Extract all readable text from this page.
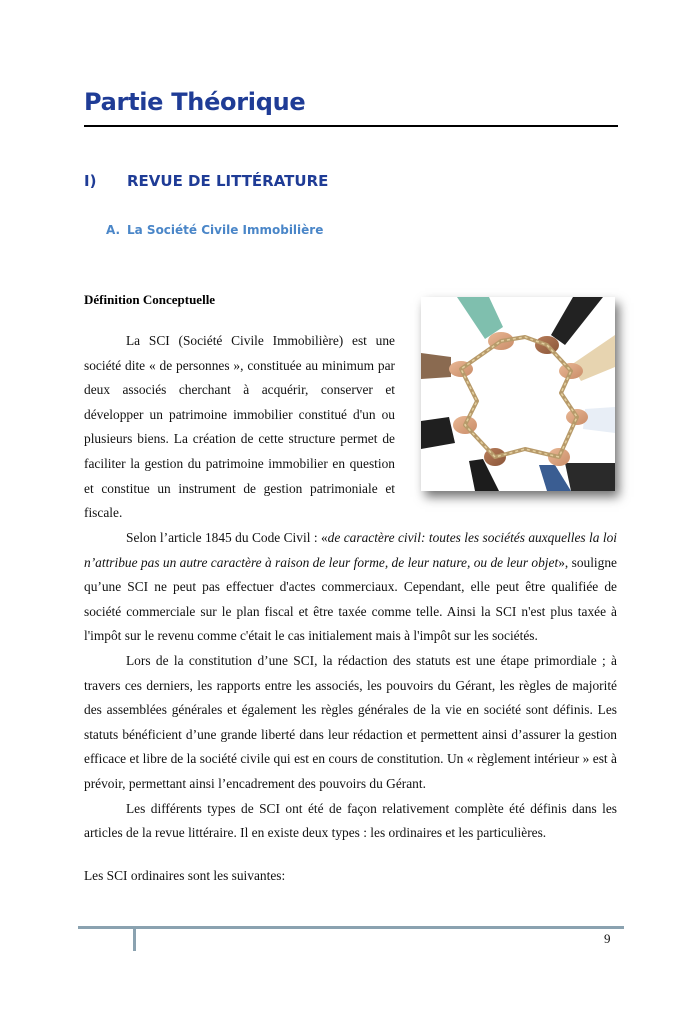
Partie Théorique
I) REVUE DE LITTÉRATURE
A. La Société Civile Immobilière
Définition Conceptuelle

La SCI (Société Civile Immobilière) est une société dite « de personnes », constituée au minimum par deux associés cherchant à acquérir, conserver et développer un patrimoine immobilier constitué d'un ou plusieurs biens. La création de cette structure permet de faciliter la gestion du patrimoine immobilier en question et constitue un instrument de gestion patrimoniale et fiscale.

Selon l’article 1845 du Code Civil : «de caractère civil: toutes les sociétés auxquelles la loi n’attribue pas un autre caractère à raison de leur forme, de leur nature, ou de leur objet», souligne qu’une SCI ne peut pas effectuer d'actes commerciaux. Cependant, elle peut être qualifiée de société commerciale sur le plan fiscal et être taxée comme telle. Ainsi la SCI n'est plus taxée à l'impôt sur le revenu comme c'était le cas initialement mais à l'impôt sur les sociétés.

Lors de la constitution d’une SCI, la rédaction des statuts est une étape primordiale ; à travers ces derniers, les rapports entre les associés, les pouvoirs du Gérant, les règles de majorité des assemblées générales et également les règles générales de la vie en société sont définis. Les statuts bénéficient d’une grande liberté dans leur rédaction et permettent ainsi d’assurer la gestion efficace et libre de la société civile qui est en cours de constitution. Un « règlement intérieur » est à prévoir, permettant ainsi l’encadrement des pouvoirs du Gérant.

Les différents types de SCI ont été de façon relativement complète été définis dans les articles de la revue littéraire. Il en existe deux types : les ordinaires et les particulières.

Les SCI ordinaires sont les suivantes:

9
